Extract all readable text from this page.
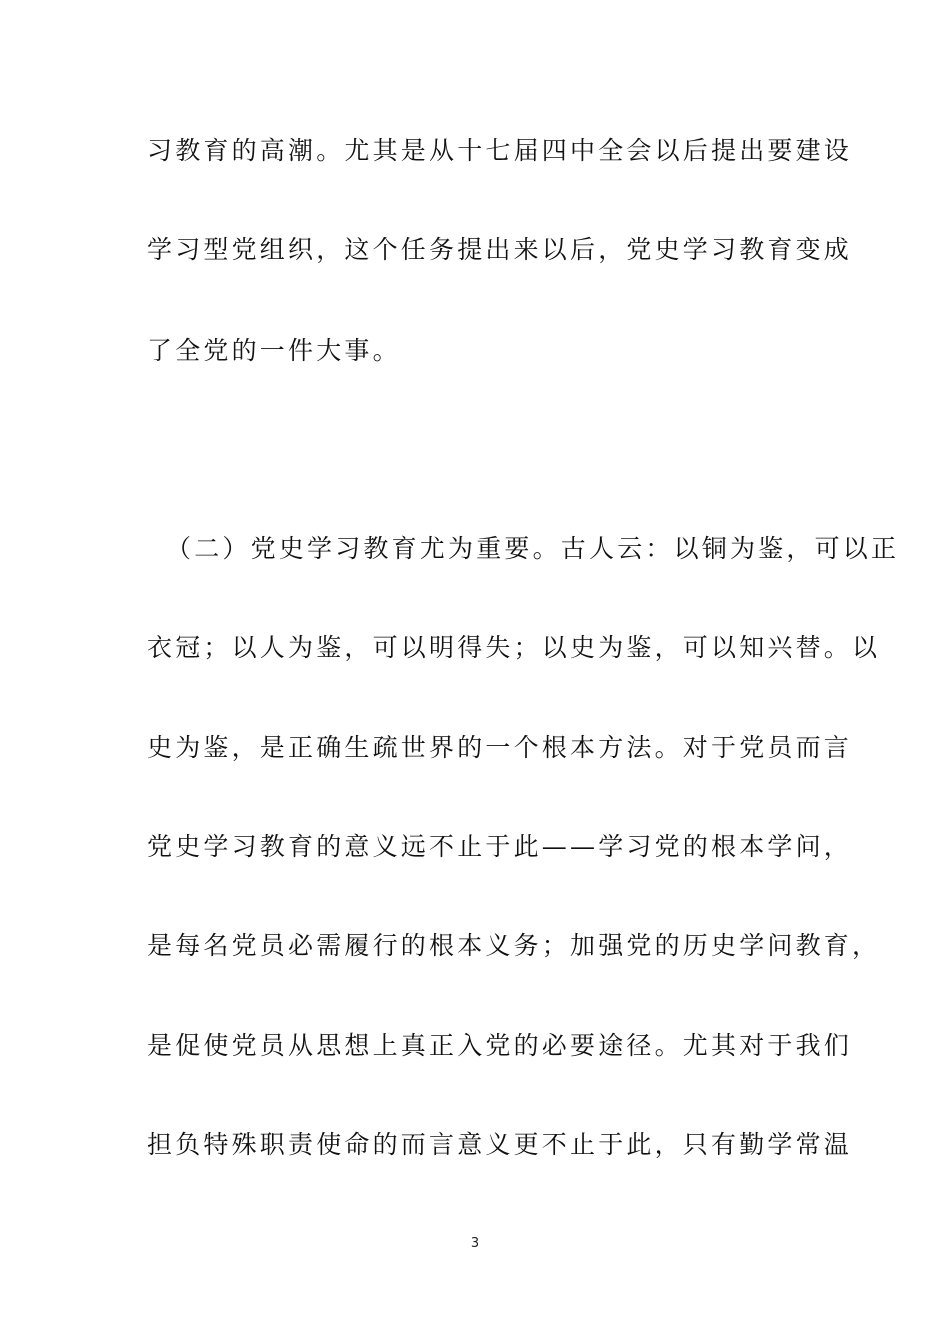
习教育的高潮。尤其是从十七届四中全会以后提出要建设

学习型党组织，这个任务提出来以后，党史学习教育变成

了全党的一件大事。

（二）党史学习教育尤为重要。古人云：以铜为鉴，可以正

衣冠；以人为鉴，可以明得失；以史为鉴，可以知兴替。以

史为鉴，是正确生疏世界的一个根本方法。对于党员而言

党史学习教育的意义远不止于此——学习党的根本学问，

是每名党员必需履行的根本义务；加强党的历史学问教育，

是促使党员从思想上真正入党的必要途径。尤其对于我们

担负特殊职责使命的而言意义更不止于此，只有勤学常温

3
